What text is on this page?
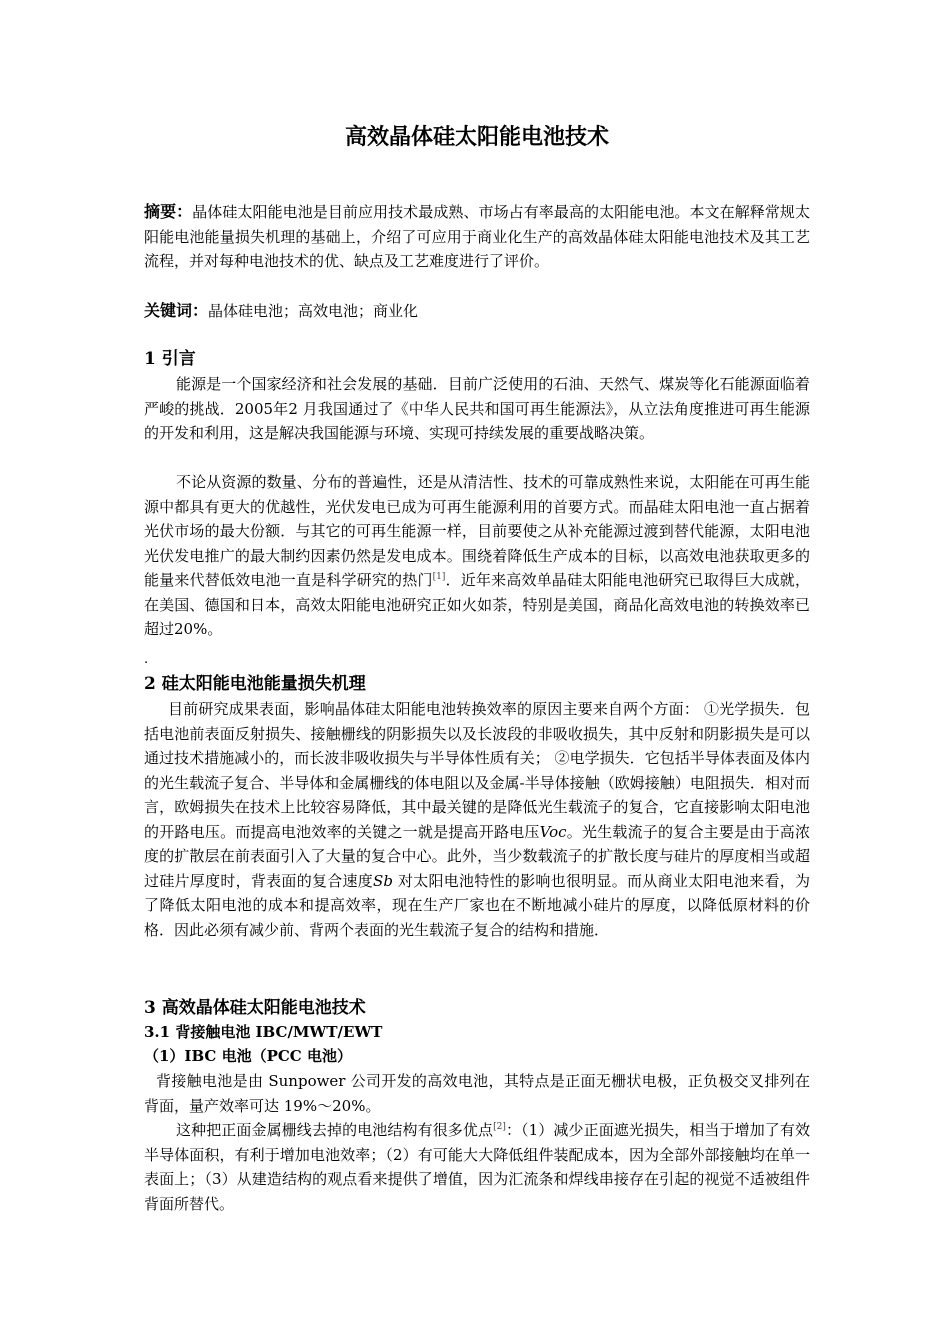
高效晶体硅太阳能电池技术
摘要：晶体硅太阳能电池是目前应用技术最成熟、市场占有率最高的太阳能电池。本文在解释常规太阳能电池能量损失机理的基础上，介绍了可应用于商业化生产的高效晶体硅太阳能电池技术及其工艺流程，并对每种电池技术的优、缺点及工艺难度进行了评价。
关键词：晶体硅电池；高效电池；商业化
1 引言
能源是一个国家经济和社会发展的基础．目前广泛使用的石油、天然气、煤炭等化石能源面临着严峻的挑战．2005年2 月我国通过了《中华人民共和国可再生能源法》，从立法角度推进可再生能源的开发和利用，这是解决我国能源与环境、实现可持续发展的重要战略决策。
不论从资源的数量、分布的普遍性，还是从清洁性、技术的可靠成熟性来说，太阳能在可再生能源中都具有更大的优越性，光伏发电已成为可再生能源利用的首要方式。而晶硅太阳电池一直占据着光伏市场的最大份额．与其它的可再生能源一样，目前要使之从补充能源过渡到替代能源，太阳电池光伏发电推广的最大制约因素仍然是发电成本。围绕着降低生产成本的目标，以高效电池获取更多的能量来代替低效电池一直是科学研究的热门[1]．近年来高效单晶硅太阳能电池研究已取得巨大成就，在美国、德国和日本，高效太阳能电池研究正如火如荼，特别是美国，商品化高效电池的转换效率已超过20%。
.
2 硅太阳能电池能量损失机理
目前研究成果表面，影响晶体硅太阳能电池转换效率的原因主要来自两个方面： ①光学损失．包括电池前表面反射损失、接触栅线的阴影损失以及长波段的非吸收损失，其中反射和阴影损失是可以通过技术措施减小的，而长波非吸收损失与半导体性质有关； ②电学损失．它包括半导体表面及体内的光生载流子复合、半导体和金属栅线的体电阻以及金属-半导体接触（欧姆接触）电阻损失．相对而言，欧姆损失在技术上比较容易降低，其中最关键的是降低光生载流子的复合，它直接影响太阳电池的开路电压。而提高电池效率的关键之一就是提高开路电压Voc。光生载流子的复合主要是由于高浓度的扩散层在前表面引入了大量的复合中心。此外，当少数载流子的扩散长度与硅片的厚度相当或超过硅片厚度时，背表面的复合速度Sb 对太阳电池特性的影响也很明显。而从商业太阳电池来看，为了降低太阳电池的成本和提高效率，现在生产厂家也在不断地减小硅片的厚度，以降低原材料的价格．因此必须有减少前、背两个表面的光生载流子复合的结构和措施．
3 高效晶体硅太阳能电池技术
3.1 背接触电池 IBC/MWT/EWT
（1）IBC 电池（PCC 电池）
背接触电池是由 Sunpower 公司开发的高效电池，其特点是正面无栅状电极，正负极交叉排列在背面，量产效率可达 19%～20%。
这种把正面金属栅线去掉的电池结构有很多优点[2]：（1）减少正面遮光损失，相当于增加了有效半导体面积，有利于增加电池效率；（2）有可能大大降低组件装配成本，因为全部外部接触均在单一表面上；（3）从建造结构的观点看来提供了增值，因为汇流条和焊线串接存在引起的视觉不适被组件背面所替代。
